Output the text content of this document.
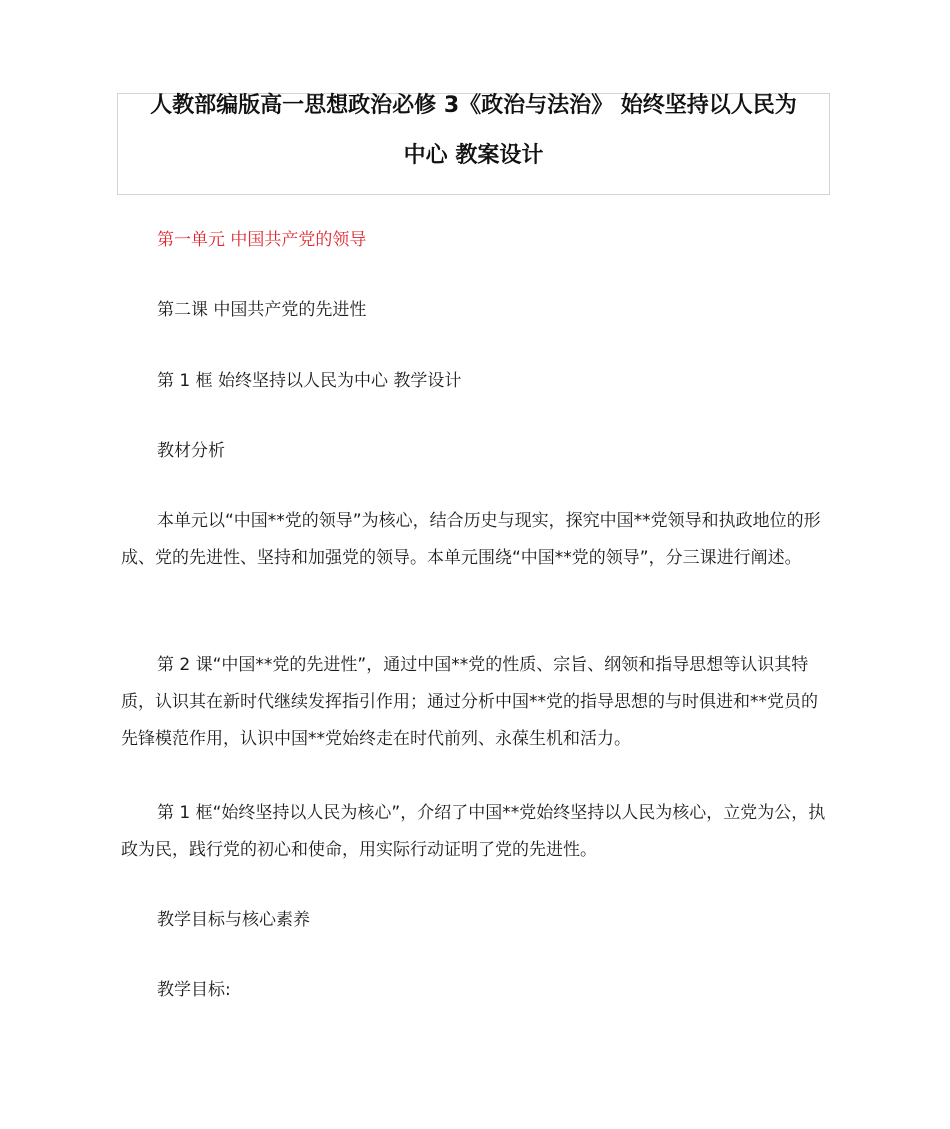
人教部编版高一思想政治必修 3《政治与法治》 始终坚持以人民为
中心 教案设计

第一单元 中国共产党的领导

第二课 中国共产党的先进性

第 1 框 始终坚持以人民为中心 教学设计

教材分析

本单元以“中国**党的领导”为核心，结合历史与现实，探究中国**党领导和执政地位的形成、党的先进性、坚持和加强党的领导。本单元围绕“中国**党的领导”，分三课进行阐述。

第 2 课“中国**党的先进性”，通过中国**党的性质、宗旨、纲领和指导思想等认识其特质，认识其在新时代继续发挥指引作用；通过分析中国**党的指导思想的与时俱进和**党员的先锋模范作用，认识中国**党始终走在时代前列、永葆生机和活力。

第 1 框“始终坚持以人民为核心”，介绍了中国**党始终坚持以人民为核心，立党为公，执政为民，践行党的初心和使命，用实际行动证明了党的先进性。

教学目标与核心素养

教学目标:
